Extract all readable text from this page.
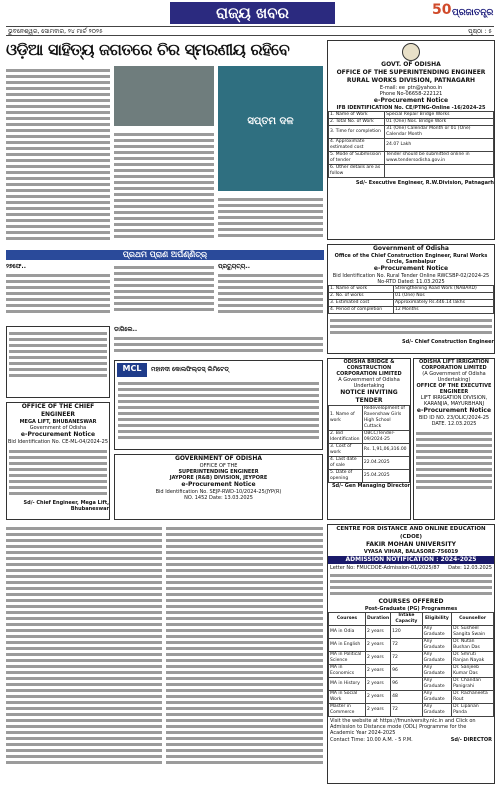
ରାଜ୍ୟ ଖବର	50 ପ୍ରଜାତନ୍ତ୍ର
ଭୁବନେଶ୍ୱର, ସୋମବାର, ୨୪ ମାର୍ଚ ୨୦୨୫	ପୃଷ୍ଠା : ୫
ଓଡ଼ିଆ ସାହିତ୍ୟ ଜଗତରେ ଚିର ସ୍ମରଣୀୟ ରହିବେ
ସପ୍ତମ ଦଳ
GOVT. OF ODISHA
OFFICE OF THE SUPERINTENDING ENGINEER
RURAL WORKS DIVISION, PATNAGARH
E-mail: ee_ptn@yahoo.in
Phone No-06658-222121
e-Procurement Notice
IFB IDENTIFICATION No. CE/PTNG-Online -16/2024-25
1. Name of Work	Special Repair Bridge Works
2. Total No. of Work	01 (One) Nos. Bridge Work
3. Time for completion	31 (One) Calendar Month or 01 (One) Calendar Month
4. Approximate estimated cost	24.07 Lakh
5. Mode of Submission of tender	Tender should be submitted online in www.tendersodisha.gov.in
6. Other details are as follow	
Sd/- Executive Engineer, R.W.Division, Patnagarh
ପ୍ରଥମ ପ୍ରାଣ ଅର୍ପଣ୍ଣିତ୍ର୍
୨୭ଫେ..	ପ୍ରତ୍ୟୁତ୍ୟ..
ଡାଗିଲେ..
Government of Odisha
Office of the Chief Construction Engineer, Rural Works Circle, Sambalpur
e-Procurement Notice
Bid Identification No. Rural Tender Online RWCSBP-02/2024-25 No-RTD Dated: 11.03.2025
1. Name of work	Strengthening Road Work (NABARD)
2. No. of works	01 (One) Nos
3. Estimated cost	Approximately Rs.446.14 lakhs
4. Period of completion	12 Months
Sd/- Chief Construction Engineer
OFFICE OF THE CHIEF ENGINEER
MEGA LIFT, BHUBANESWAR
Government of Odisha
e-Procurement Notice
Bid Identification No. CE-ML-04/2024-25
Sd/- Chief Engineer, Mega Lift, Bhubaneswar
MCL	ମହାନଦୀ କୋଲଫିଲ୍ଡସ୍ ଲିମିଟେଡ୍
GOVERNMENT OF ODISHA
OFFICE OF THE
SUPERINTENDING ENGINEER
JAYPORE (R&B) DIVISION, JEYPORE
e-Procurement Notice
Bid Identification No. SEJP-RWD-10/2024-25/JYP(R)
NO. 1452 Date: 13.03.2025
ODISHA BRIDGE & CONSTRUCTION CORPORATION LIMITED
A Government of Odisha Undertaking
NOTICE INVITING TENDER
1. Name of work	Redevelopment of Ravenshaw Girls High School Cuttack
2. Bid Identification	OBCC/Tender-09/2024-25
3. Cost of work	Rs. 1,91,06,316.00
4. Last date of sale	22.04.2025
5. Date of opening	25.04.2025
Sd/- Gen Managing Director
ODISHA LIFT IRRIGATION CORPORATION LIMITED
(A Government of Odisha Undertaking)
OFFICE OF THE EXECUTIVE ENGINEER
LIFT IRRIGATION DIVISION, KARANJIA, MAYURBHANJ
e-Procurement Notice
BID ID NO. 23/OLIC/2024-25 DATE. 12.03.2025
CENTRE FOR DISTANCE AND ONLINE EDUCATION (CDOE)
FAKIR MOHAN UNIVERSITY
VYASA VIHAR, BALASORE-756019
ADMISSION NOTIFICATION : 2024-2025
Letter No: FMUCDOE-Admission-01/2025/87 Date: 12.03.2025
COURSES OFFERED
Post-Graduate (PG) Programmes
Courses	Duration	Intake Capacity	Eligibility	Counsellor
MA in Odia	2 years	120	Any Graduate	Dr. Susheel Sangita Swain
MA in English	2 years	72	Any Graduate	Dr. Nutan Bushan Das
MA in Political Science	2 years	72	Any Graduate	Dr. Smruti Ranjan Nayak
MA in Economics	2 years	96	Any Graduate	Dr. Sanjeeb Kumar Das
MA in History	2 years	96	Any Graduate	Dr. Chandan Panigrahi
MA in Social Work	2 years	48	Any Graduate	Dr. Rachaneeta Rout
Master in Commerce	2 years	72	Any Graduate	Dr. Lipanan Panda
Visit the website at https://fmuniversity.nic.in and Click on Admission to Distance mode (ODL) Programme for the Academic Year 2024-2025
Contact Time: 10.00 A.M. - 5 P.M.	Sd/- DIRECTOR
